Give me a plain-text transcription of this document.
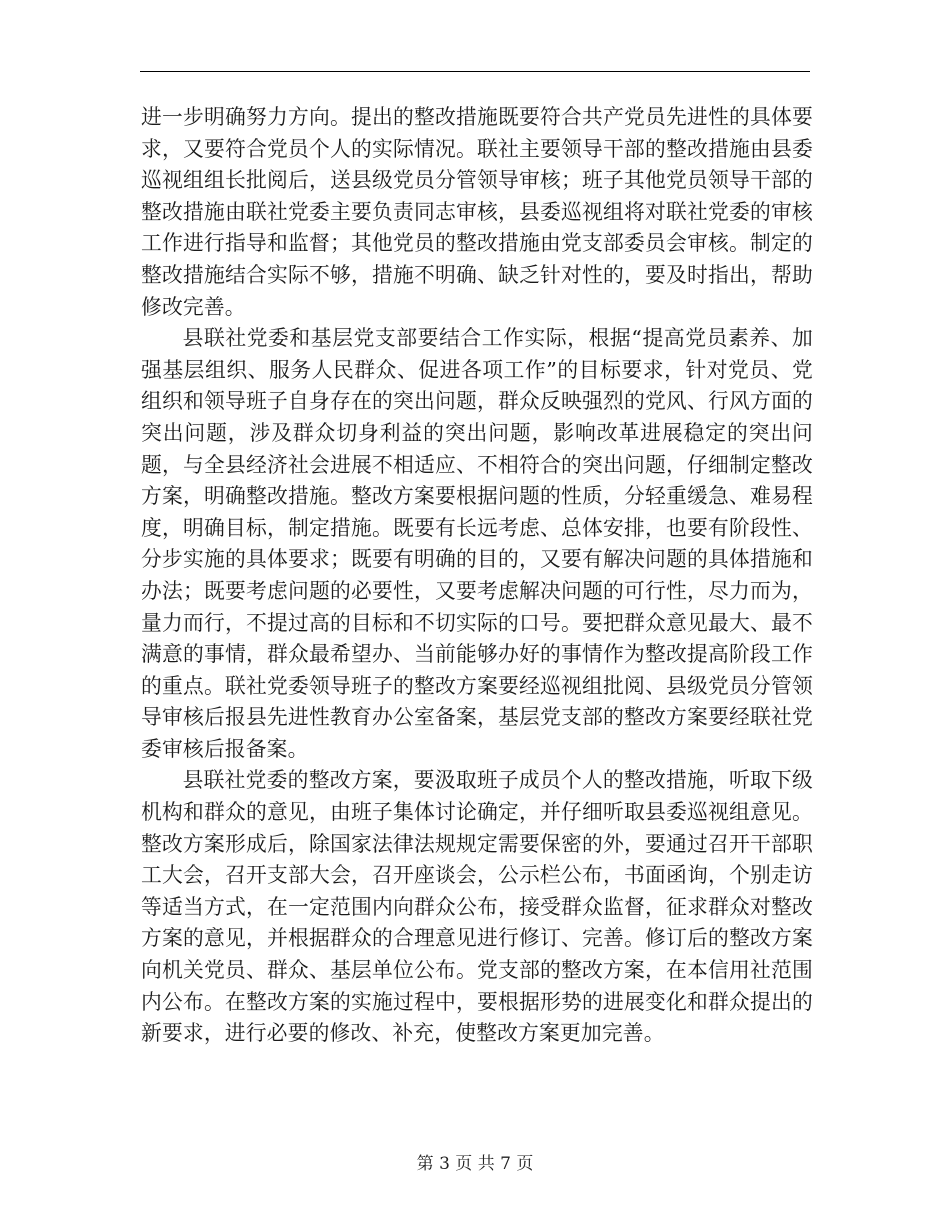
进一步明确努力方向。提出的整改措施既要符合共产党员先进性的具体要求，又要符合党员个人的实际情况。联社主要领导干部的整改措施由县委巡视组组长批阅后，送县级党员分管领导审核；班子其他党员领导干部的整改措施由联社党委主要负责同志审核，县委巡视组将对联社党委的审核工作进行指导和监督；其他党员的整改措施由党支部委员会审核。制定的整改措施结合实际不够，措施不明确、缺乏针对性的，要及时指出，帮助修改完善。

县联社党委和基层党支部要结合工作实际，根据“提高党员素养、加强基层组织、服务人民群众、促进各项工作”的目标要求，针对党员、党组织和领导班子自身存在的突出问题，群众反映强烈的党风、行风方面的突出问题，涉及群众切身利益的突出问题，影响改革进展稳定的突出问题，与全县经济社会进展不相适应、不相符合的突出问题，仔细制定整改方案，明确整改措施。整改方案要根据问题的性质，分轻重缓急、难易程度，明确目标，制定措施。既要有长远考虑、总体安排，也要有阶段性、分步实施的具体要求；既要有明确的目的，又要有解决问题的具体措施和办法；既要考虑问题的必要性，又要考虑解决问题的可行性，尽力而为，量力而行，不提过高的目标和不切实际的口号。要把群众意见最大、最不满意的事情，群众最希望办、当前能够办好的事情作为整改提高阶段工作的重点。联社党委领导班子的整改方案要经巡视组批阅、县级党员分管领导审核后报县先进性教育办公室备案，基层党支部的整改方案要经联社党委审核后报备案。

县联社党委的整改方案，要汲取班子成员个人的整改措施，听取下级机构和群众的意见，由班子集体讨论确定，并仔细听取县委巡视组意见。整改方案形成后，除国家法律法规规定需要保密的外，要通过召开干部职工大会，召开支部大会，召开座谈会，公示栏公布，书面函询，个别走访等适当方式，在一定范围内向群众公布，接受群众监督，征求群众对整改方案的意见，并根据群众的合理意见进行修订、完善。修订后的整改方案向机关党员、群众、基层单位公布。党支部的整改方案，在本信用社范围内公布。在整改方案的实施过程中，要根据形势的进展变化和群众提出的新要求，进行必要的修改、补充，使整改方案更加完善。

第 3 页 共 7 页
